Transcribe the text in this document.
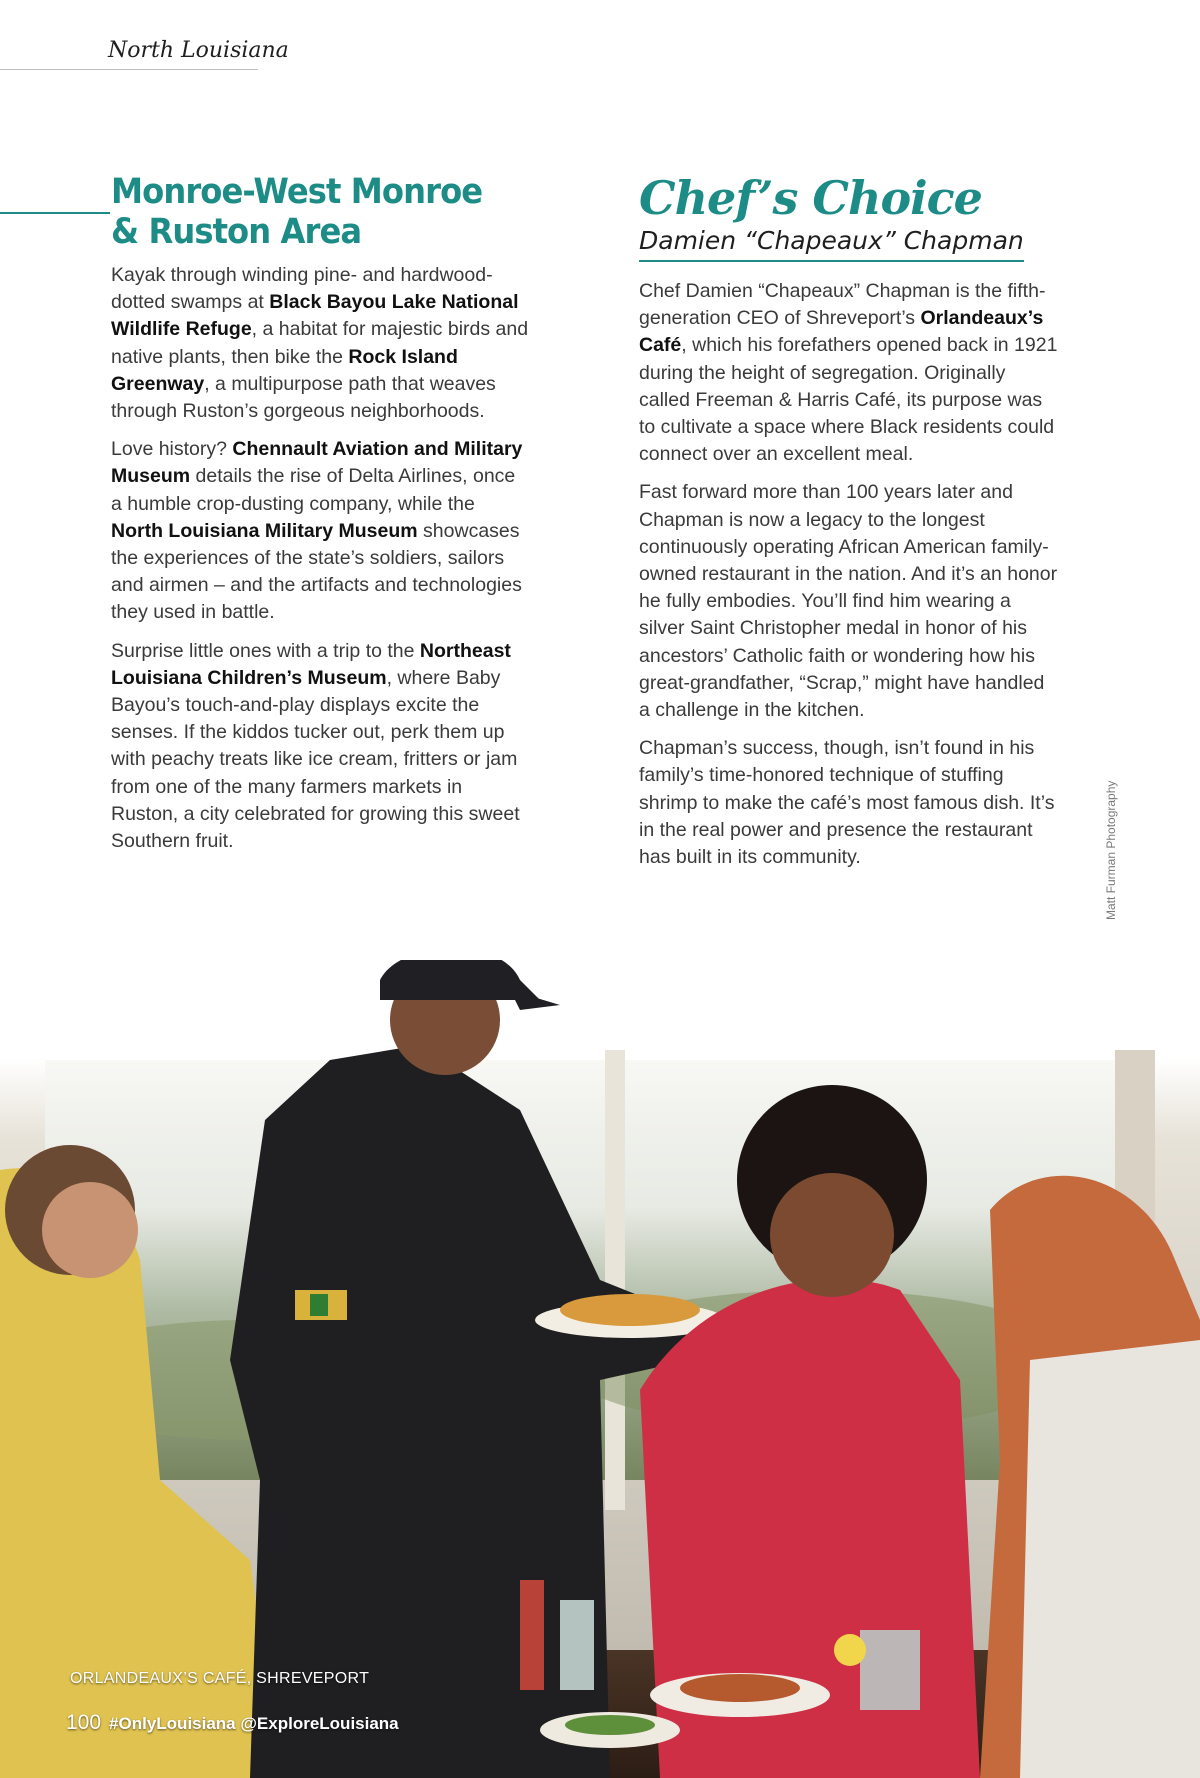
North Louisiana
Monroe-West Monroe
& Ruston Area

Kayak through winding pine- and hardwood-dotted swamps at Black Bayou Lake National Wildlife Refuge, a habitat for majestic birds and native plants, then bike the Rock Island Greenway, a multipurpose path that weaves through Ruston’s gorgeous neighborhoods.

Love history? Chennault Aviation and Military Museum details the rise of Delta Airlines, once a humble crop-dusting company, while the North Louisiana Military Museum showcases the experiences of the state’s soldiers, sailors and airmen – and the artifacts and technologies they used in battle.

Surprise little ones with a trip to the Northeast Louisiana Children’s Museum, where Baby Bayou’s touch-and-play displays excite the senses. If the kiddos tucker out, perk them up with peachy treats like ice cream, fritters or jam from one of the many farmers markets in Ruston, a city celebrated for growing this sweet Southern fruit.

Chef’s Choice
Damien “Chapeaux” Chapman

Chef Damien “Chapeaux” Chapman is the fifth-generation CEO of Shreveport’s Orlandeaux’s Café, which his forefathers opened back in 1921 during the height of segregation. Originally called Freeman & Harris Café, its purpose was to cultivate a space where Black residents could connect over an excellent meal.

Fast forward more than 100 years later and Chapman is now a legacy to the longest continuously operating African American family-owned restaurant in the nation. And it’s an honor he fully embodies. You’ll find him wearing a silver Saint Christopher medal in honor of his ancestors’ Catholic faith or wondering how his great-grandfather, “Scrap,” might have handled a challenge in the kitchen.

Chapman’s success, though, isn’t found in his family’s time-honored technique of stuffing shrimp to make the café’s most famous dish. It’s in the real power and presence the restaurant has built in its community.	Matt Furman Photography
ORLANDEAUX’S CAFÉ, SHREVEPORT
100 #OnlyLouisiana @ExploreLouisiana
